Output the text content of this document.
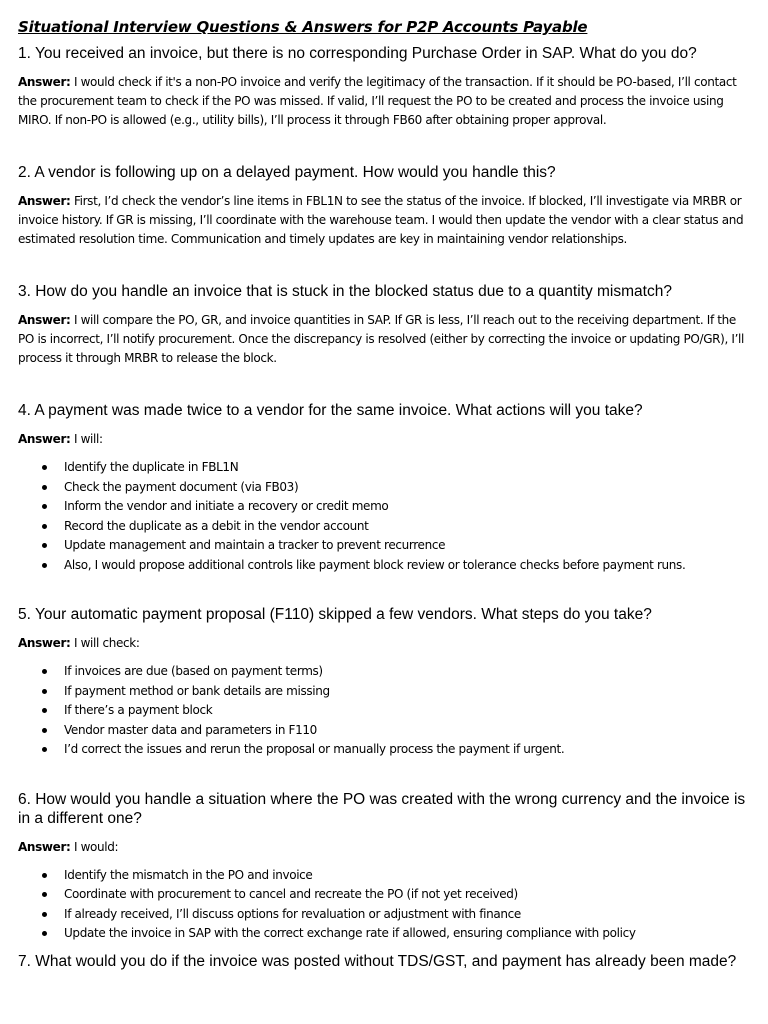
Situational Interview Questions & Answers for P2P Accounts Payable

1. You received an invoice, but there is no corresponding Purchase Order in SAP. What do you do?

Answer: I would check if it's a non-PO invoice and verify the legitimacy of the transaction. If it should be PO-based, I’ll contact the procurement team to check if the PO was missed. If valid, I’ll request the PO to be created and process the invoice using MIRO. If non-PO is allowed (e.g., utility bills), I’ll process it through FB60 after obtaining proper approval.

2. A vendor is following up on a delayed payment. How would you handle this?

Answer: First, I’d check the vendor’s line items in FBL1N to see the status of the invoice. If blocked, I’ll investigate via MRBR or invoice history. If GR is missing, I’ll coordinate with the warehouse team. I would then update the vendor with a clear status and estimated resolution time. Communication and timely updates are key in maintaining vendor relationships.

3. How do you handle an invoice that is stuck in the blocked status due to a quantity mismatch?

Answer: I will compare the PO, GR, and invoice quantities in SAP. If GR is less, I’ll reach out to the receiving department. If the PO is incorrect, I’ll notify procurement. Once the discrepancy is resolved (either by correcting the invoice or updating PO/GR), I’ll process it through MRBR to release the block.

4. A payment was made twice to a vendor for the same invoice. What actions will you take?

Answer: I will:

Identify the duplicate in FBL1N
Check the payment document (via FB03)
Inform the vendor and initiate a recovery or credit memo
Record the duplicate as a debit in the vendor account
Update management and maintain a tracker to prevent recurrence
Also, I would propose additional controls like payment block review or tolerance checks before payment runs.

5. Your automatic payment proposal (F110) skipped a few vendors. What steps do you take?

Answer: I will check:

If invoices are due (based on payment terms)
If payment method or bank details are missing
If there’s a payment block
Vendor master data and parameters in F110
I’d correct the issues and rerun the proposal or manually process the payment if urgent.

6. How would you handle a situation where the PO was created with the wrong currency and the invoice is in a different one?

Answer: I would:

Identify the mismatch in the PO and invoice
Coordinate with procurement to cancel and recreate the PO (if not yet received)
If already received, I’ll discuss options for revaluation or adjustment with finance
Update the invoice in SAP with the correct exchange rate if allowed, ensuring compliance with policy

7. What would you do if the invoice was posted without TDS/GST, and payment has already been made?
